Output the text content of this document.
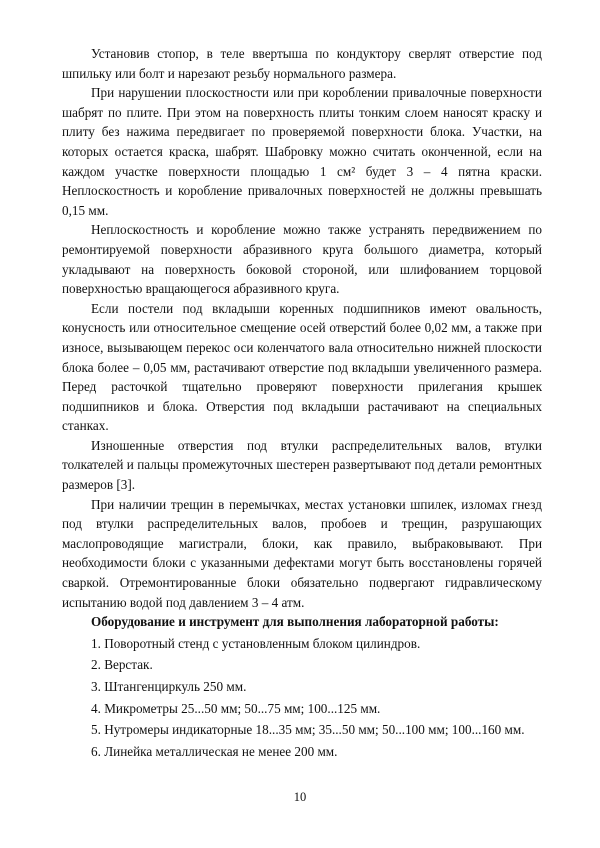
Установив стопор, в теле ввертыша по кондуктору сверлят отверстие под шпильку или болт и нарезают резьбу нормального размера.

При нарушении плоскостности или при короблении привалочные поверхности шабрят по плите. При этом на поверхность плиты тонким слоем наносят краску и плиту без нажима передвигает по проверяемой поверхности блока. Участки, на которых остается краска, шабрят. Шабровку можно считать оконченной, если на каждом участке поверхности площадью 1 см² будет 3 – 4 пятна краски. Неплоскостность и коробление привалочных поверхностей не должны превышать 0,15 мм.

Неплоскостность и коробление можно также устранять передвижением по ремонтируемой поверхности абразивного круга большого диаметра, который укладывают на поверхность боковой стороной, или шлифованием торцовой поверхностью вращающегося абразивного круга.

Если постели под вкладыши коренных подшипников имеют овальность, конусность или относительное смещение осей отверстий более 0,02 мм, а также при износе, вызывающем перекос оси коленчатого вала относительно нижней плоскости блока более – 0,05 мм, растачивают отверстие под вкладыши увеличенного размера. Перед расточкой тщательно проверяют поверхности прилегания крышек подшипников и блока. Отверстия под вкладыши растачивают на специальных станках.

Изношенные отверстия под втулки распределительных валов, втулки толкателей и пальцы промежуточных шестерен развертывают под детали ремонтных размеров [3].

При наличии трещин в перемычках, местах установки шпилек, изломах гнезд под втулки распределительных валов, пробоев и трещин, разрушающих маслопроводящие магистрали, блоки, как правило, выбраковывают. При необходимости блоки с указанными дефектами могут быть восстановлены горячей сваркой. Отремонтированные блоки обязательно подвергают гидравлическому испытанию водой под давлением 3 – 4 атм.

Оборудование и инструмент для выполнения лабораторной работы:

1. Поворотный стенд с установленным блоком цилиндров.
2. Верстак.
3. Штангенциркуль 250 мм.
4. Микрометры 25...50 мм; 50...75 мм; 100...125 мм.
5. Нутромеры индикаторные 18...35 мм; 35...50 мм; 50...100 мм; 100...160 мм.
6. Линейка металлическая не менее 200 мм.
10
